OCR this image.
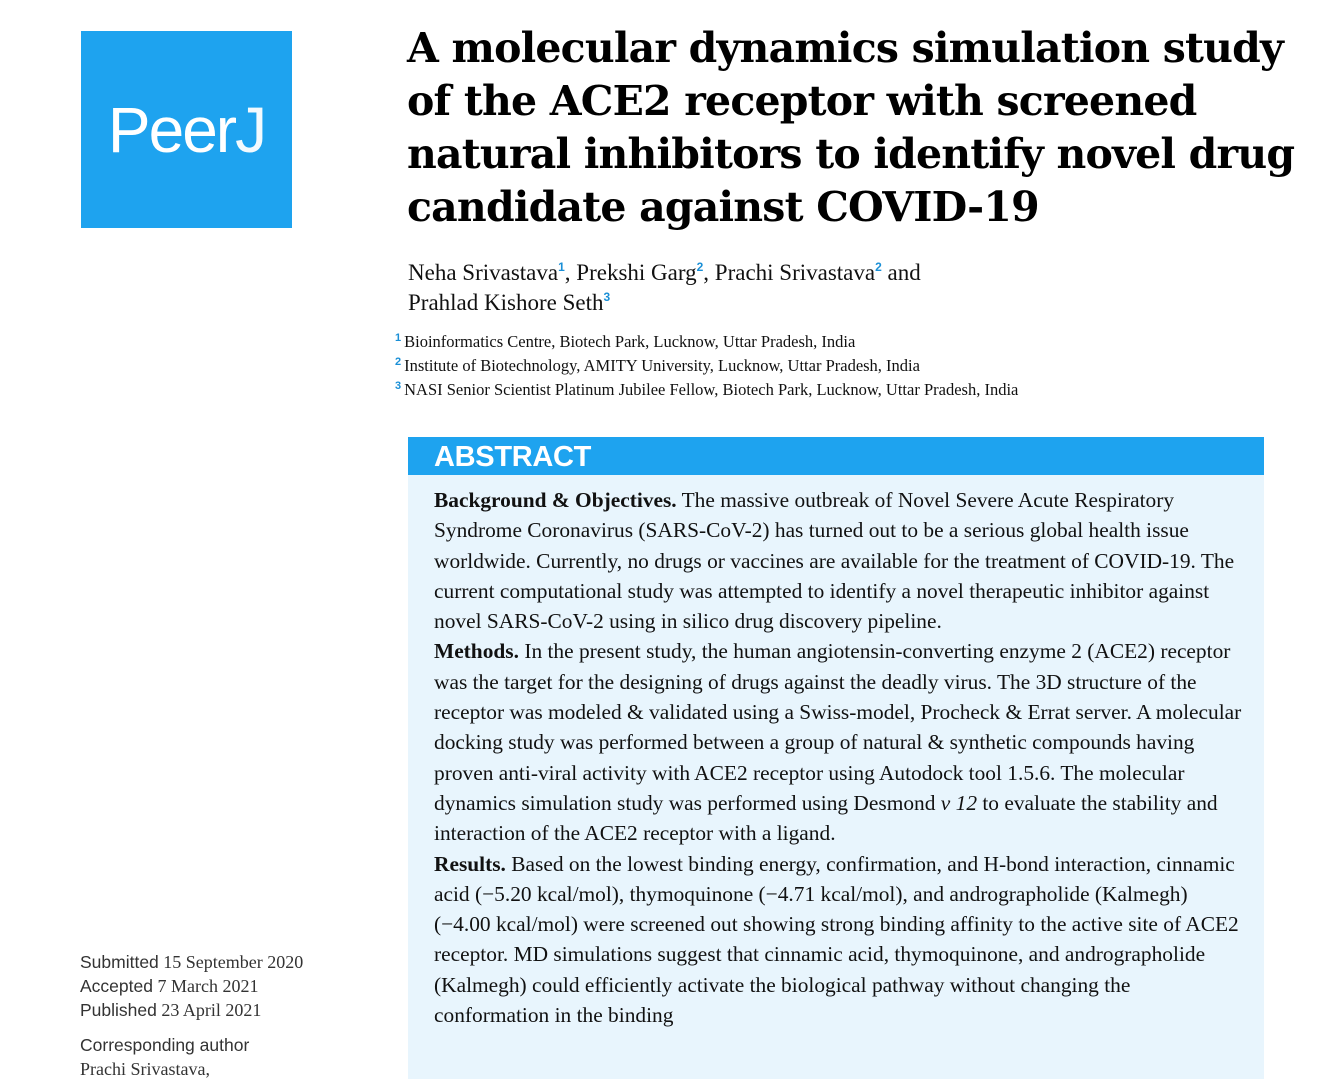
PeerJ
A molecular dynamics simulation study of the ACE2 receptor with screened natural inhibitors to identify novel drug candidate against COVID-19
Neha Srivastava$^1$, Prekshi Garg$^2$, Prachi Srivastava$^2$ and
Prahlad Kishore Seth$^3$
$^1$ Bioinformatics Centre, Biotech Park, Lucknow, Uttar Pradesh, India
$^2$ Institute of Biotechnology, AMITY University, Lucknow, Uttar Pradesh, India
$^3$ NASI Senior Scientist Platinum Jubilee Fellow, Biotech Park, Lucknow, Uttar Pradesh, India
ABSTRACT

Background & Objectives. The massive outbreak of Novel Severe Acute Respiratory Syndrome Coronavirus (SARS-CoV-2) has turned out to be a serious global health issue worldwide. Currently, no drugs or vaccines are available for the treatment of COVID-19. The current computational study was attempted to identify a novel therapeutic inhibitor against novel SARS-CoV-2 using in silico drug discovery pipeline.

Methods. In the present study, the human angiotensin-converting enzyme 2 (ACE2) receptor was the target for the designing of drugs against the deadly virus. The 3D structure of the receptor was modeled & validated using a Swiss-model, Procheck & Errat server. A molecular docking study was performed between a group of natural & synthetic compounds having proven anti-viral activity with ACE2 receptor using Autodock tool 1.5.6. The molecular dynamics simulation study was performed using Desmond v 12 to evaluate the stability and interaction of the ACE2 receptor with a ligand.

Results. Based on the lowest binding energy, confirmation, and H-bond interaction, cinnamic acid (−5.20 kcal/mol), thymoquinone (−4.71 kcal/mol), and andrographolide (Kalmegh) (−4.00 kcal/mol) were screened out showing strong binding affinity to the active site of ACE2 receptor. MD simulations suggest that cinnamic acid, thymoquinone, and andrographolide (Kalmegh) could efficiently activate the biological pathway without changing the conformation in the binding

Submitted 15 September 2020
Accepted 7 March 2021
Published 23 April 2021
Corresponding author
Prachi Srivastava,
